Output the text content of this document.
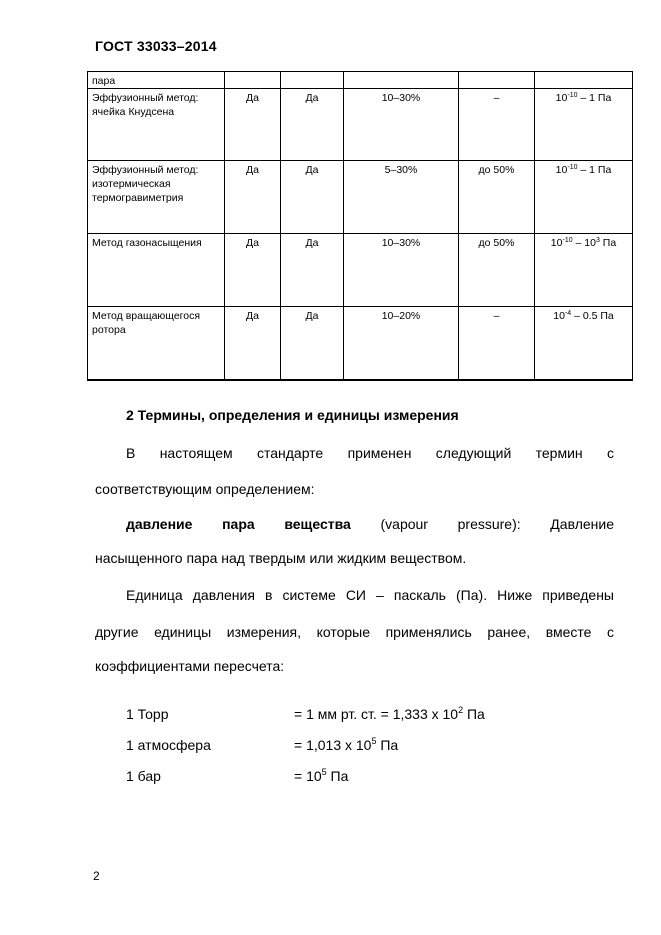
ГОСТ 33033–2014
пара					
Эффузионный метод: ячейка Кнудсена	Да	Да	10–30%	–	$10^{-10} - 1$ Па
Эффузионный метод: изотермическая термогравиметрия	Да	Да	5–30%	до 50%	$10^{-10} - 1$ Па
Метод газонасыщения	Да	Да	10–30%	до 50%	$10^{-10} - 10^3$ Па
Метод вращающегося ротора	Да	Да	10–20%	–	$10^{-4} - 0.5$ Па
2 Термины, определения и единицы измерения
В настоящем стандарте применен следующий термин с
соответствующим определением:
давление пара вещества (vapour pressure): Давление
насыщенного пара над твердым или жидким веществом.
Единица давления в системе СИ – паскаль (Па). Ниже приведены
другие единицы измерения, которые применялись ранее, вместе с
коэффициентами пересчета:
1 Торр	= 1 мм рт. ст. = 1,333 x $10^2$ Па
1 атмосфера	= 1,013 x $10^5$ Па
1 бар	= $10^5$ Па
2
